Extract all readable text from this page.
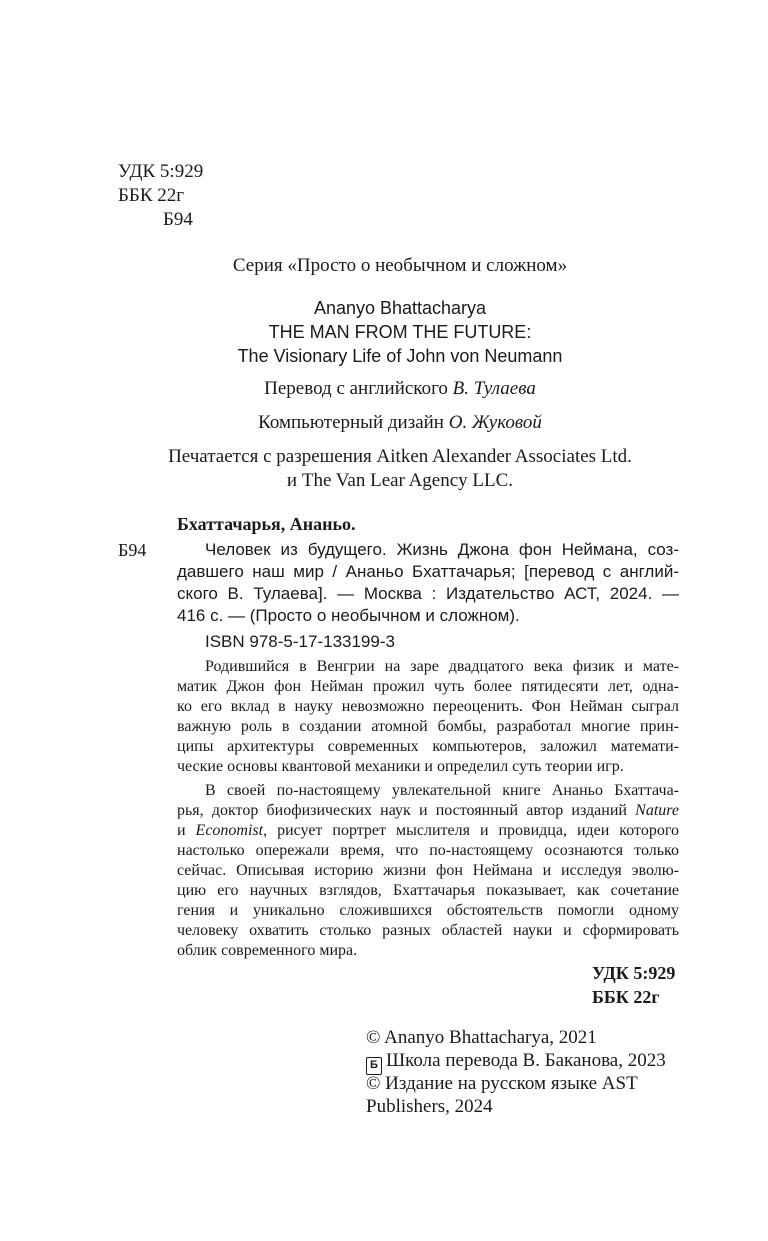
УДК 5:929
ББК 22г
Б94
Серия «Просто о необычном и сложном»
Ananyo Bhattacharya
THE MAN FROM THE FUTURE:
The Visionary Life of John von Neumann
Перевод с английского В. Тулаева
Компьютерный дизайн О. Жуковой
Печатается с разрешения Aitken Alexander Associates Ltd.
и The Van Lear Agency LLC.
Бхаттачарья, Ананьо.
Б94	Человек из будущего. Жизнь Джона фон Неймана, соз-
давшего наш мир / Ананьо Бхаттачарья; [перевод с англий-
ского В. Тулаева]. — Москва : Издательство АСТ, 2024. —
416 с. — (Просто о необычном и сложном).
ISBN 978-5-17-133199-3
Родившийся в Венгрии на заре двадцатого века физик и мате-
матик Джон фон Нейман прожил чуть более пятидесяти лет, одна-
ко его вклад в науку невозможно переоценить. Фон Нейман сыграл
важную роль в создании атомной бомбы, разработал многие прин-
ципы архитектуры современных компьютеров, заложил математи-
ческие основы квантовой механики и определил суть теории игр.
В своей по-настоящему увлекательной книге Ананьо Бхаттача-
рья, доктор биофизических наук и постоянный автор изданий Nature
и Economist, рисует портрет мыслителя и провидца, идеи которого
настолько опережали время, что по-настоящему осознаются только
сейчас. Описывая историю жизни фон Неймана и исследуя эволю-
цию его научных взглядов, Бхаттачарья показывает, как сочетание
гения и уникально сложившихся обстоятельств помогли одному
человеку охватить столько разных областей науки и сформировать
облик современного мира.
УДК 5:929
ББК 22г
© Ananyo Bhattacharya, 2021
Б Школа перевода В. Баканова, 2023
© Издание на русском языке AST
Publishers, 2024
